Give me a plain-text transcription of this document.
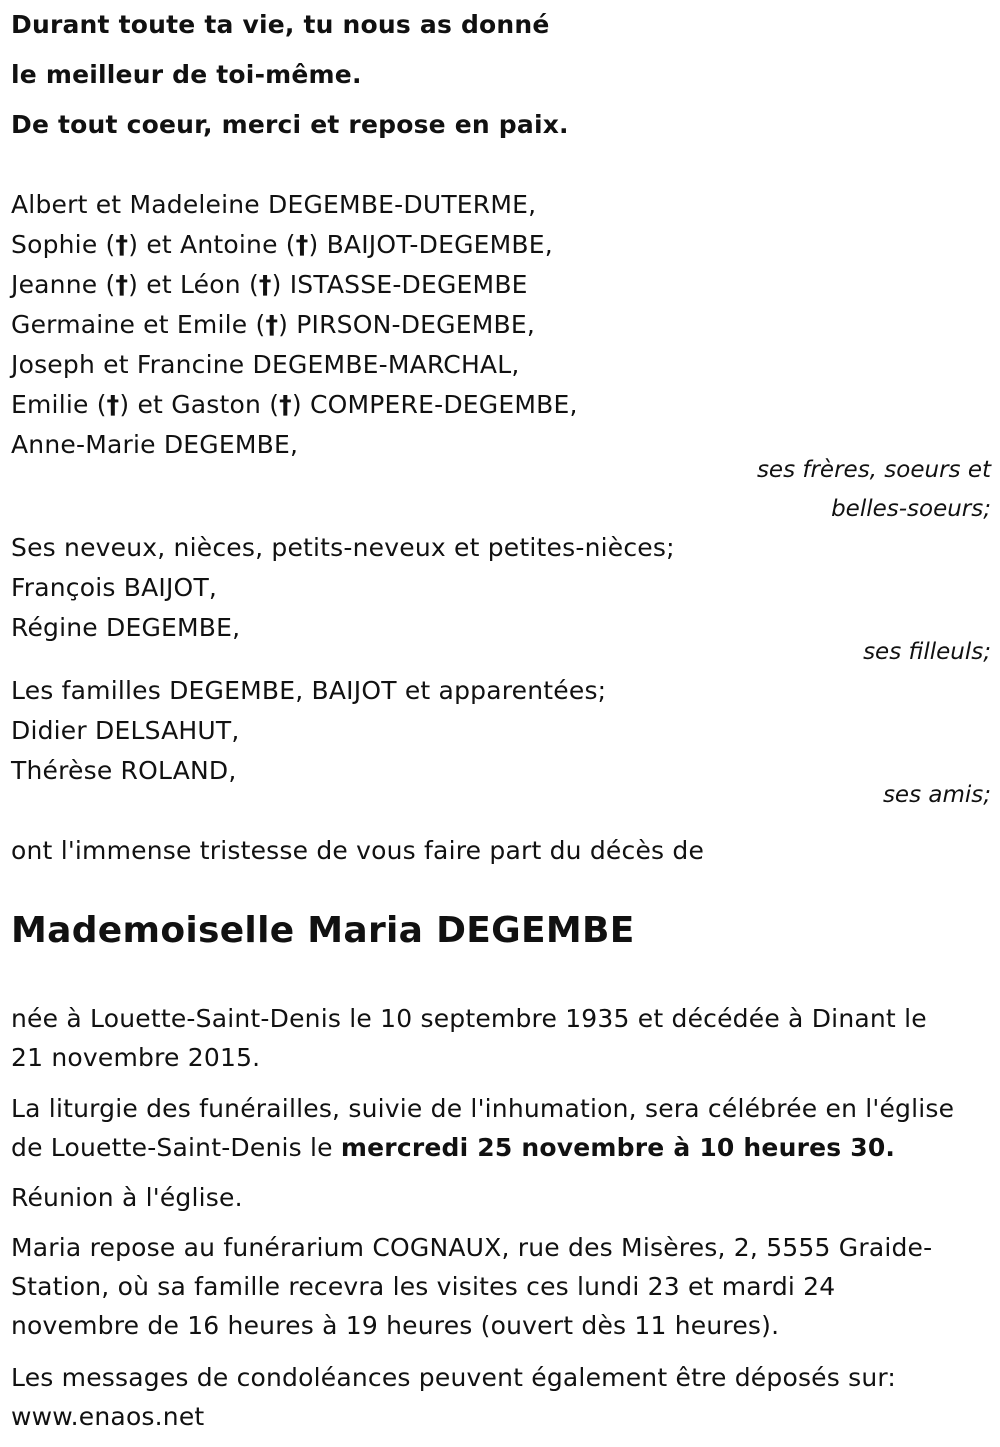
Durant toute ta vie, tu nous as donné
le meilleur de toi-même.
De tout coeur, merci et repose en paix.
Albert et Madeleine DEGEMBE-DUTERME,
Sophie (†) et Antoine (†) BAIJOT-DEGEMBE,
Jeanne (†) et Léon (†) ISTASSE-DEGEMBE
Germaine et Emile (†) PIRSON-DEGEMBE,
Joseph et Francine DEGEMBE-MARCHAL,
Emilie (†) et Gaston (†) COMPERE-DEGEMBE,
Anne-Marie DEGEMBE,
ses frères, soeurs et
belles-soeurs;
Ses neveux, nièces, petits-neveux et petites-nièces;
François BAIJOT,
Régine DEGEMBE,
ses filleuls;
Les familles DEGEMBE, BAIJOT et apparentées;
Didier DELSAHUT,
Thérèse ROLAND,
ses amis;
ont l'immense tristesse de vous faire part du décès de
Mademoiselle Maria DEGEMBE
née à Louette-Saint-Denis le 10 septembre 1935 et décédée à Dinant le
21 novembre 2015.
La liturgie des funérailles, suivie de l'inhumation, sera célébrée en l'église
de Louette-Saint-Denis le mercredi 25 novembre à 10 heures 30.
Réunion à l'église.
Maria repose au funérarium COGNAUX, rue des Misères, 2, 5555 Graide-
Station, où sa famille recevra les visites ces lundi 23 et mardi 24
novembre de 16 heures à 19 heures (ouvert dès 11 heures).
Les messages de condoléances peuvent également être déposés sur:
www.enaos.net
